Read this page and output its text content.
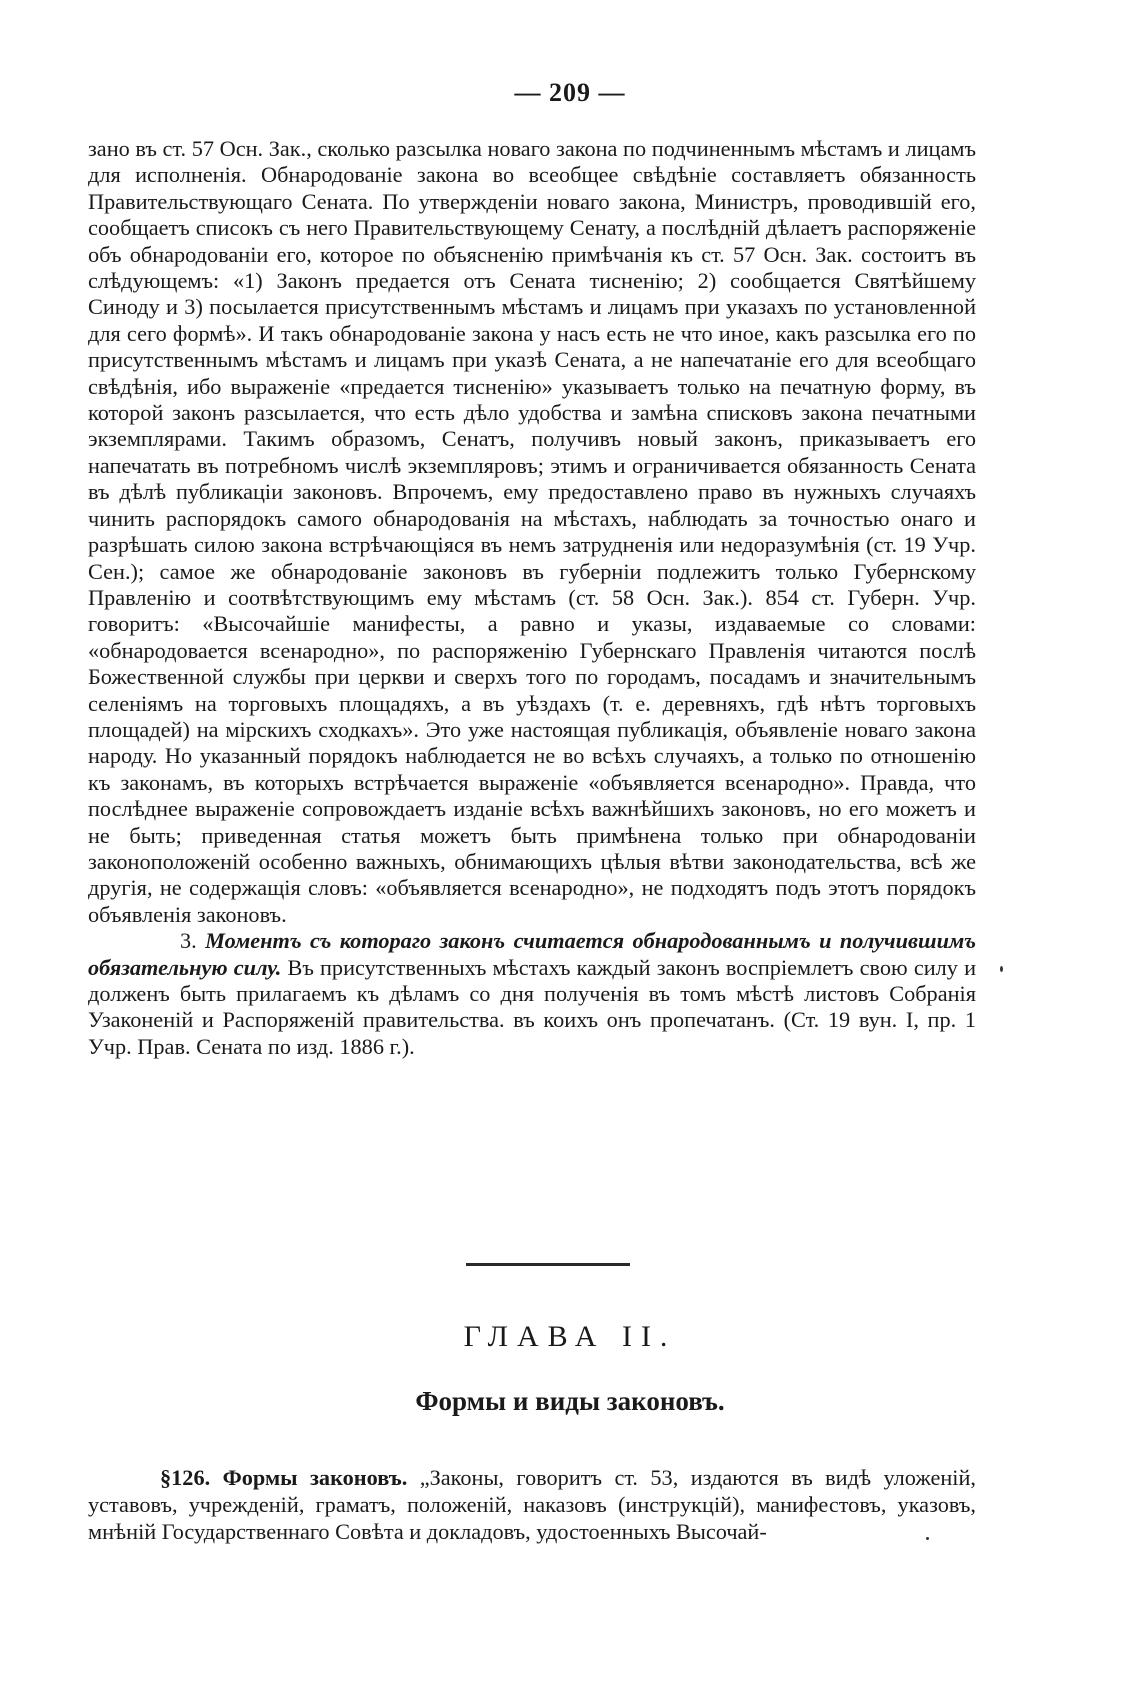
— 209 —

зано въ ст. 57 Осн. Зак., сколько разсылка новаго закона по подчиненнымъ мѣстамъ и лицамъ для исполненія. Обнародованіе закона во всеобщее свѣдѣніе составляетъ обязанность Правительствующаго Сената. По утвержденіи новаго закона, Министръ, проводившій его, сообщаетъ списокъ съ него Правительствующему Сенату, а послѣдній дѣлаетъ распоряженіе объ обнародованіи его, которое по объясненію примѣчанія къ ст. 57 Осн. Зак. состоитъ въ слѣдующемъ: «1) Законъ предается отъ Сената тисненію; 2) сообщается Святѣйшему Синоду и 3) посылается присутственнымъ мѣстамъ и лицамъ при указахъ по установленной для сего формѣ». И такъ обнародованіе закона у насъ есть не что иное, какъ разсылка его по присутственнымъ мѣстамъ и лицамъ при указѣ Сената, а не напечатаніе его для всеобщаго свѣдѣнія, ибо выраженіе «предается тисненію» указываетъ только на печатную форму, въ которой законъ разсылается, что есть дѣло удобства и замѣна списковъ закона печатными экземплярами. Такимъ образомъ, Сенатъ, получивъ новый законъ, приказываетъ его напечатать въ потребномъ числѣ экземпляровъ; этимъ и ограничивается обязанность Сената въ дѣлѣ публикаціи законовъ. Впрочемъ, ему предоставлено право въ нужныхъ случаяхъ чинить распорядокъ самого обнародованія на мѣстахъ, наблюдать за точностью онаго и разрѣшать силою закона встрѣчающіяся въ немъ затрудненія или недоразумѣнія (ст. 19 Учр. Сен.); самое же обнародованіе законовъ въ губерніи подлежитъ только Губернскому Правленію и соотвѣтствующимъ ему мѣстамъ (ст. 58 Осн. Зак.). 854 ст. Губерн. Учр. говоритъ: «Высочайшіе манифесты, а равно и указы, издаваемые со словами: «обнародовается всенародно», по распоряженію Губернскаго Правленія читаются послѣ Божественной службы при церкви и сверхъ того по городамъ, посадамъ и значительнымъ селеніямъ на торговыхъ площадяхъ, а въ уѣздахъ (т. е. деревняхъ, гдѣ нѣтъ торговыхъ площадей) на мірскихъ сходкахъ». Это уже настоящая публикація, объявленіе новаго закона народу. Но указанный порядокъ наблюдается не во всѣхъ случаяхъ, а только по отношенію къ законамъ, въ которыхъ встрѣчается выраженіе «объявляется всенародно». Правда, что послѣднее выраженіе сопровождаетъ изданіе всѣхъ важнѣйшихъ законовъ, но его можетъ и не быть; приведенная статья можетъ быть примѣнена только при обнародованіи законоположеній особенно важныхъ, обнимающихъ цѣлыя вѣтви законодательства, всѣ же другія, не содержащія словъ: «объявляется всенародно», не подходятъ подъ этотъ порядокъ объявленія законовъ.

3. Моментъ съ котораго законъ считается обнародованнымъ и получившимъ обязательную силу. Въ присутственныхъ мѣстахъ каждый законъ воспріемлетъ свою силу и долженъ быть прилагаемъ къ дѣламъ со дня полученія въ томъ мѣстѣ листовъ Собранія Узаконеній и Распоряженій правительства. въ коихъ онъ пропечатанъ. (Ст. 19 вун. I, пр. 1 Учр. Прав. Сената по изд. 1886 г.).

ГЛАВА II.
Формы и виды законовъ.

§126. Формы законовъ. „Законы, говоритъ ст. 53, издаются въ видѣ уложеній, уставовъ, учрежденій, граматъ, положеній, наказовъ (инструкцій), манифестовъ, указовъ, мнѣній Государственнаго Совѣта и докладовъ, удостоенныхъ Высочай-
